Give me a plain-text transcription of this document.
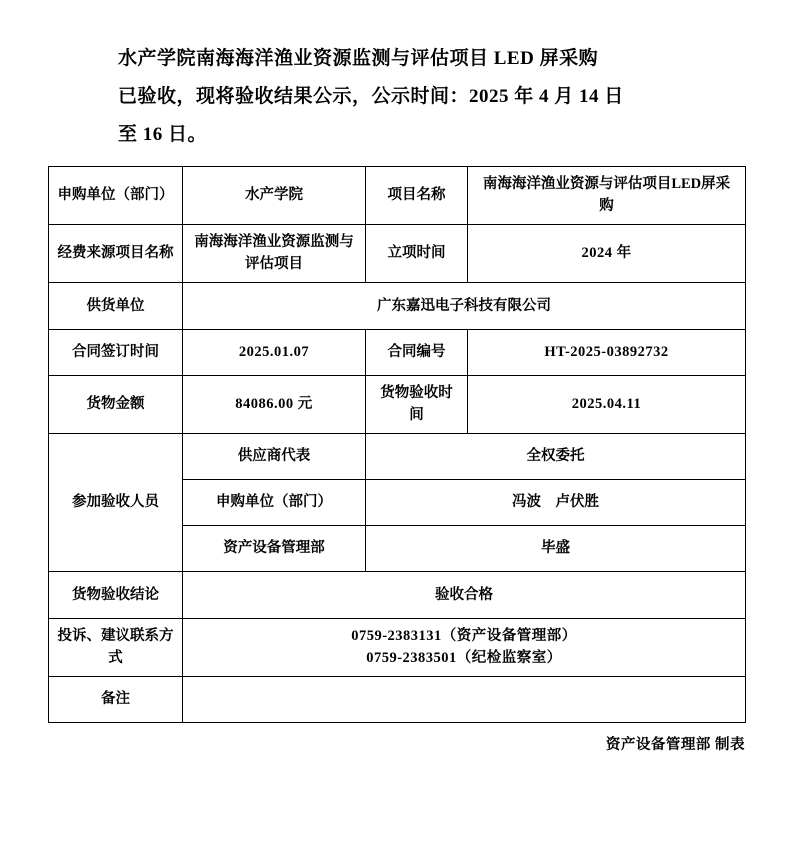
水产学院南海海洋渔业资源监测与评估项目 LED 屏采购
已验收，现将验收结果公示，公示时间：2025 年 4 月 14 日
至 16 日。
申购单位（部门）	水产学院	项目名称	南海海洋渔业资源与评估项目LED屏采购
经费来源项目名称	南海海洋渔业资源监测与评估项目	立项时间	2024 年
供货单位	广东嘉迅电子科技有限公司		
合同签订时间	2025.01.07	合同编号	HT-2025-03892732
货物金额	84086.00 元	货物验收时间	2025.04.11
参加验收人员	供应商代表	全权委托	
	申购单位（部门）	冯波　卢伏胜	
	资产设备管理部	毕盛	
货物验收结论	验收合格		

投诉、建议联系方式	0759-2383131（资产设备管理部）
0759-2383501（纪检监察室）		

备注			
资产设备管理部 制表
